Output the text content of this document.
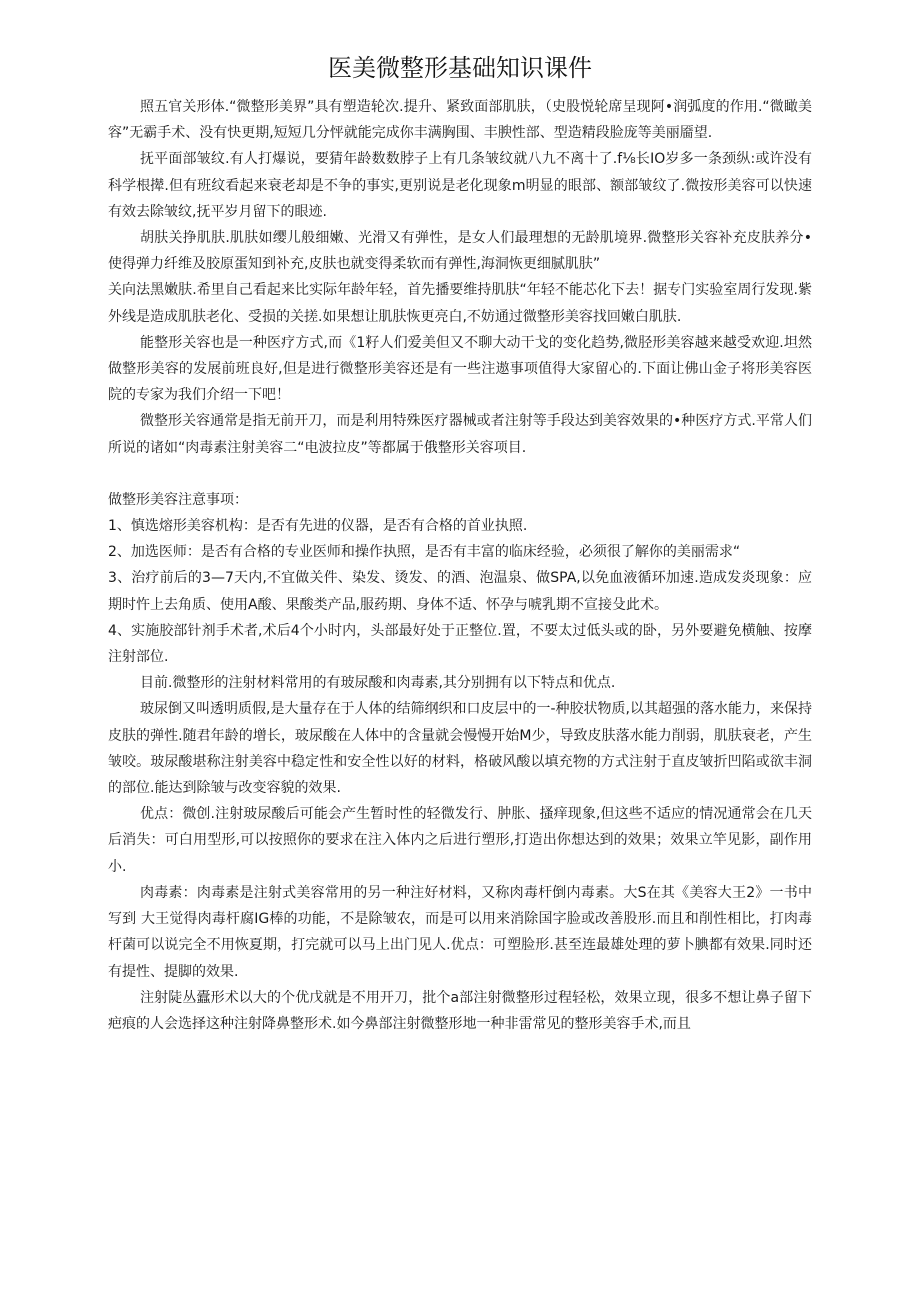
医美微整形基础知识课件

照五官关形体.“微整形美界”具有塑造轮次.提升、紧致面部肌肤，（史股悦轮席呈现阿•润弧度的作用.“微瞰美容”无霸手术、没有快更期,短短几分怦就能完成你丰满胸围、丰腴性部、型造精段脸庞等美丽靥望.

抚平面部皱纹.有人打爆说，要猜年龄数数脖子上有几条皱纹就八九不离十了.f⅛长IO岁多一条颈纵:或许没有科学根撵.但有班纹看起来衰老却是不争的事实,更别说是老化现象m明显的眼部、额部皱纹了.微按形美容可以快速有效去除皱纹,抚平岁月留下的眼迹.

胡肤关挣肌肤.肌肤如缨儿般细嫩、光滑又有弹性，是女人们最理想的无龄肌境界.微整形关容补充皮肤养分•使得弹力纤维及胶原蛋知到补充,皮肤也就变得柔软而有弹性,海洞恢更细腻肌肤”

关向法黑嫩肤.希里自己看起来比实际年龄年轻，首先播要维持肌肤“年轻不能芯化下去！据专门实验室周行发现.紫外线是造成肌肤老化、受损的关搓.如果想让肌肤恢更亮白,不妨通过微整形美容找回嫩白肌肤.

能整形关容也是一种医疗方式,而《1籽人们爱美但又不聊大动干戈的变化趋势,微胫形美容越来越受欢迎.坦然做整形美容的发展前班良好,但是进行微整形美容还是有一些注遨事项值得大家留心的.下面让佛山金子将形美容医院的专家为我们介绍一下吧！

微整形关容通常是指无前开刀，而是利用特殊医疗器械或者注射等手段达到美容效果的•种医疗方式.平常人们所说的诸如“肉毒素注射美容二“电波拉皮”等都属于俄整形关容项目.

做整形美容注意事项：

1、慎选熔形美容机构：是否有先进的仪器，是否有合格的首业执照.

2、加选医师：是否有合格的专业医师和操作执照，是否有丰富的临床经验，必须很了解你的美丽需求“

3、治疗前后的3—7天内,不宜做关件、染发、烫发、的酒、泡温泉、做SPA,以免血液循环加速.造成发炎现象：应期时忤上去角质、使用A酸、果酸类产品,服药期、身体不适、怀孕与唬乳期不宣接殳此术。

4、实施胶部针剂手术者,术后4个小时内，头部最好处于正整位.置，不要太过低头或的卧，另外要避免横触、按摩注射部位.

目前.微整形的注射材料常用的有玻尿酸和肉毒素,其分别拥有以下特点和优点.

玻尿倒又叫透明质假,是大量存在于人体的结筛纲织和口皮层中的一-种胶状物质,以其超强的落水能力，来保持皮肤的弹性.随君年龄的增长，玻尿酸在人体中的含量就会慢慢开始M少，导致皮肤落水能力削弱，肌肤衰老，产生皱咬。玻尿酸堪称注射美容中稳定性和安全性以好的材料，格破风酸以填充物的方式注射于直皮皱折凹陷或欲丰洞的部位.能达到除皱与改变容貌的效果.

优点：微创.注射玻尿酸后可能会产生暂时性的轻微发行、肿胀、搔痒现象,但这些不适应的情况通常会在几天后消失：可白用型形,可以按照你的要求在注入体内之后进行塑形,打造出你想达到的效果；效果立竿见影，副作用小.

肉毒素：肉毒素是注射式美容常用的另一种注好材料，又称肉毒杆倒内毒素。大S在其《美容大王2》一书中写到 大王觉得肉毒杆腐IG棒的功能，不是除皱农，而是可以用来消除国字脸或改善股形.而且和削性相比，打肉毒杆菌可以说完全不用恢夏期，打完就可以马上出门见人.优点：可塑脸形.甚至连最雄处理的萝卜腆都有效果.同时还有提性、提脚的效果.

注射陡丛蠹形术以大的个优戊就是不用开刀，批个a部注射微整形过程轻松，效果立现，很多不想让鼻子留下疤痕的人会选择这种注射降鼻整形术.如今鼻部注射微整形地一种非雷常见的整形美容手术,而且
